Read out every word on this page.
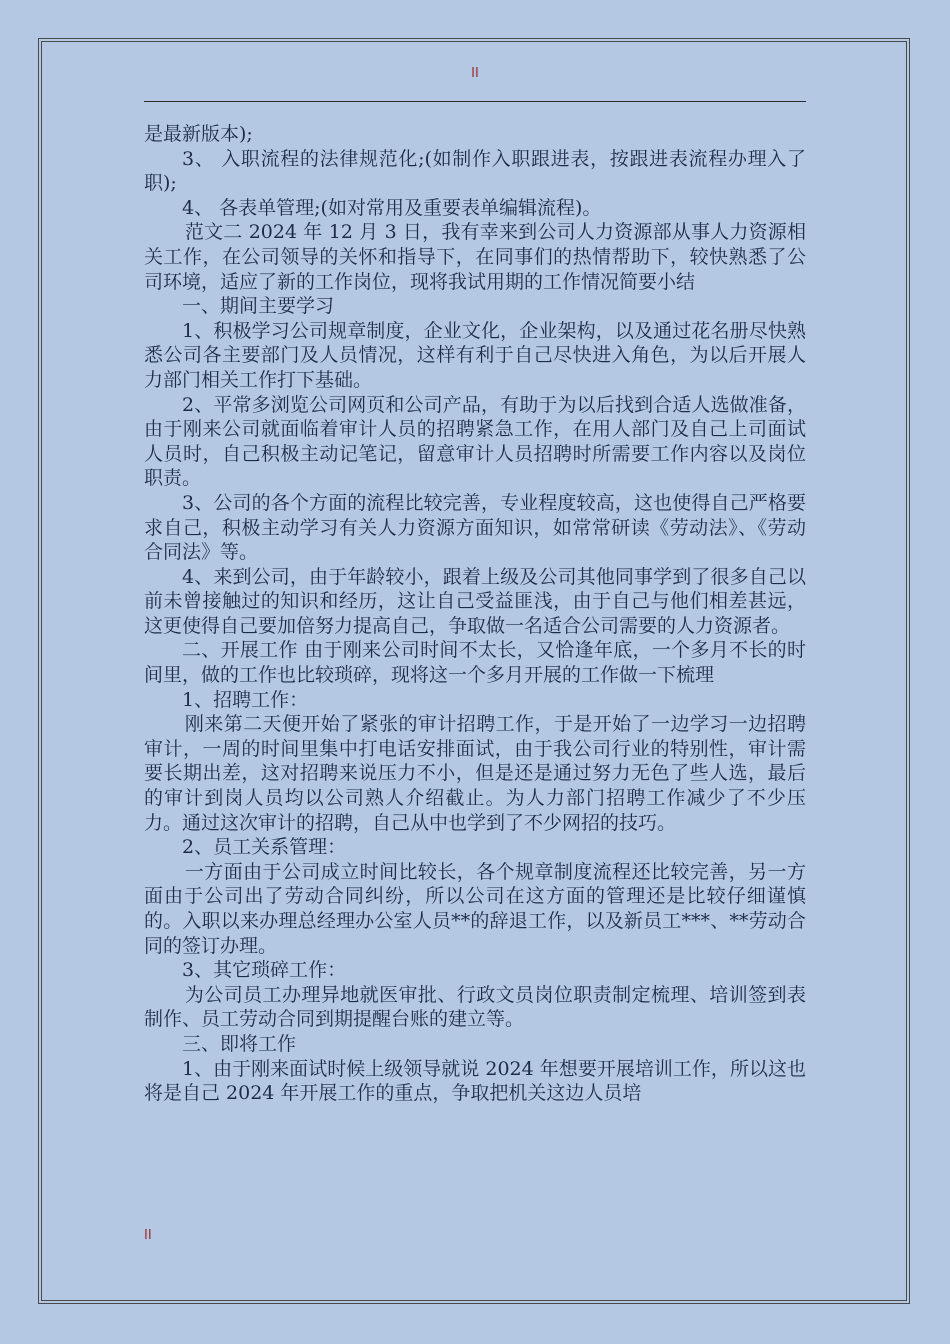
II

是最新版本);

3、 入职流程的法律规范化;(如制作入职跟进表，按跟进表流程办理入了职);

4、 各表单管理;(如对常用及重要表单编辑流程)。

范文二 2024 年 12 月 3 日，我有幸来到公司人力资源部从事人力资源相关工作，在公司领导的关怀和指导下，在同事们的热情帮助下，较快熟悉了公司环境，适应了新的工作岗位，现将我试用期的工作情况简要小结

一、期间主要学习

1、积极学习公司规章制度，企业文化，企业架构，以及通过花名册尽快熟悉公司各主要部门及人员情况，这样有利于自己尽快进入角色，为以后开展人力部门相关工作打下基础。

2、平常多浏览公司网页和公司产品，有助于为以后找到合适人选做准备，由于刚来公司就面临着审计人员的招聘紧急工作，在用人部门及自己上司面试人员时，自己积极主动记笔记，留意审计人员招聘时所需要工作内容以及岗位职责。

3、公司的各个方面的流程比较完善，专业程度较高，这也使得自己严格要求自己，积极主动学习有关人力资源方面知识，如常常研读《劳动法》、《劳动合同法》等。

4、来到公司，由于年龄较小，跟着上级及公司其他同事学到了很多自己以前未曾接触过的知识和经历，这让自己受益匪浅，由于自己与他们相差甚远，这更使得自己要加倍努力提高自己，争取做一名适合公司需要的人力资源者。

二、开展工作 由于刚来公司时间不太长，又恰逢年底，一个多月不长的时间里，做的工作也比较琐碎，现将这一个多月开展的工作做一下梳理

1、招聘工作：

刚来第二天便开始了紧张的审计招聘工作，于是开始了一边学习一边招聘审计，一周的时间里集中打电话安排面试，由于我公司行业的特别性，审计需要长期出差，这对招聘来说压力不小，但是还是通过努力无色了些人选，最后的审计到岗人员均以公司熟人介绍截止。为人力部门招聘工作减少了不少压力。通过这次审计的招聘，自己从中也学到了不少网招的技巧。

2、员工关系管理：

一方面由于公司成立时间比较长，各个规章制度流程还比较完善，另一方面由于公司出了劳动合同纠纷，所以公司在这方面的管理还是比较仔细谨慎的。入职以来办理总经理办公室人员**的辞退工作，以及新员工***、**劳动合同的签订办理。

3、其它琐碎工作：

为公司员工办理异地就医审批、行政文员岗位职责制定梳理、培训签到表制作、员工劳动合同到期提醒台账的建立等。

三、即将工作

1、由于刚来面试时候上级领导就说 2024 年想要开展培训工作，所以这也将是自己 2024 年开展工作的重点，争取把机关这边人员培

II
